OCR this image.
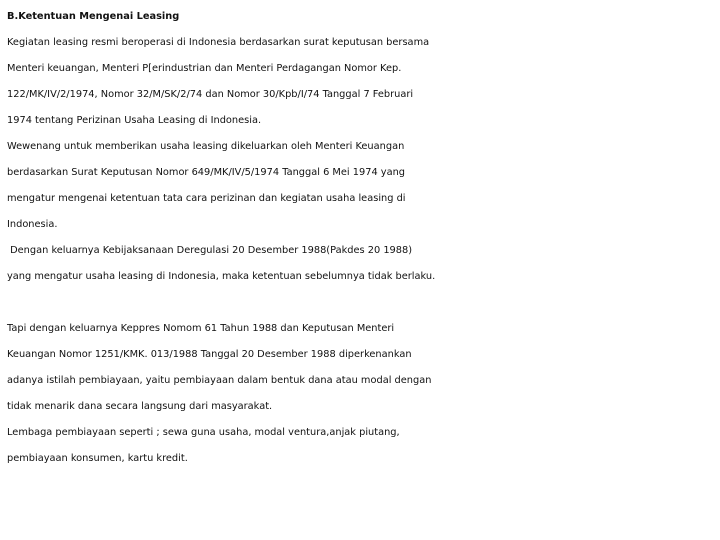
B.Ketentuan Mengenai Leasing
Kegiatan leasing resmi beroperasi di Indonesia berdasarkan surat keputusan bersama
Menteri keuangan, Menteri P[erindustrian dan Menteri Perdagangan Nomor Kep.
122/MK/IV/2/1974, Nomor 32/M/SK/2/74 dan Nomor 30/Kpb/I/74 Tanggal 7 Februari
1974 tentang Perizinan Usaha Leasing di Indonesia.
Wewenang untuk memberikan usaha leasing dikeluarkan oleh Menteri Keuangan
berdasarkan Surat Keputusan Nomor 649/MK/IV/5/1974 Tanggal 6 Mei 1974 yang
mengatur mengenai ketentuan tata cara perizinan dan kegiatan usaha leasing di
Indonesia.
Dengan keluarnya Kebijaksanaan Deregulasi 20 Desember 1988(Pakdes 20 1988)
yang mengatur usaha leasing di Indonesia, maka ketentuan sebelumnya tidak berlaku.
Tapi dengan keluarnya Keppres Nomom 61 Tahun 1988 dan Keputusan Menteri
Keuangan Nomor 1251/KMK. 013/1988 Tanggal 20 Desember 1988 diperkenankan
adanya istilah pembiayaan, yaitu pembiayaan dalam bentuk dana atau modal dengan
tidak menarik dana secara langsung dari masyarakat.
Lembaga pembiayaan seperti ; sewa guna usaha, modal ventura,anjak piutang,
pembiayaan konsumen, kartu kredit.
